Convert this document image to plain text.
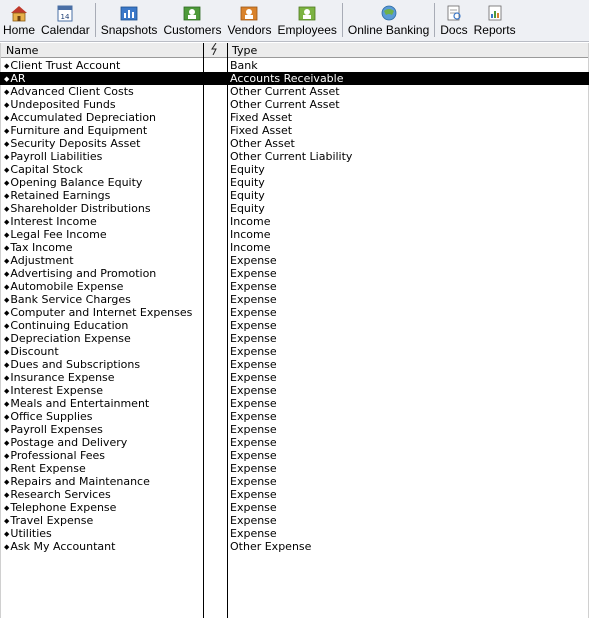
Home
14
Calendar Snapshots Customers Vendors Employees Online Banking Docs Reports
Name	Type
◆Client Trust Account	Bank
◆AR	Accounts Receivable
◆Advanced Client Costs	Other Current Asset
◆Undeposited Funds	Other Current Asset
◆Accumulated Depreciation	Fixed Asset
◆Furniture and Equipment	Fixed Asset
◆Security Deposits Asset	Other Asset
◆Payroll Liabilities	Other Current Liability
◆Capital Stock	Equity
◆Opening Balance Equity	Equity
◆Retained Earnings	Equity
◆Shareholder Distributions	Equity
◆Interest Income	Income
◆Legal Fee Income	Income
◆Tax Income	Income
◆Adjustment	Expense
◆Advertising and Promotion	Expense
◆Automobile Expense	Expense
◆Bank Service Charges	Expense
◆Computer and Internet Expenses	Expense
◆Continuing Education	Expense
◆Depreciation Expense	Expense
◆Discount	Expense
◆Dues and Subscriptions	Expense
◆Insurance Expense	Expense
◆Interest Expense	Expense
◆Meals and Entertainment	Expense
◆Office Supplies	Expense
◆Payroll Expenses	Expense
◆Postage and Delivery	Expense
◆Professional Fees	Expense
◆Rent Expense	Expense
◆Repairs and Maintenance	Expense
◆Research Services	Expense
◆Telephone Expense	Expense
◆Travel Expense	Expense
◆Utilities	Expense
◆Ask My Accountant	Other Expense
